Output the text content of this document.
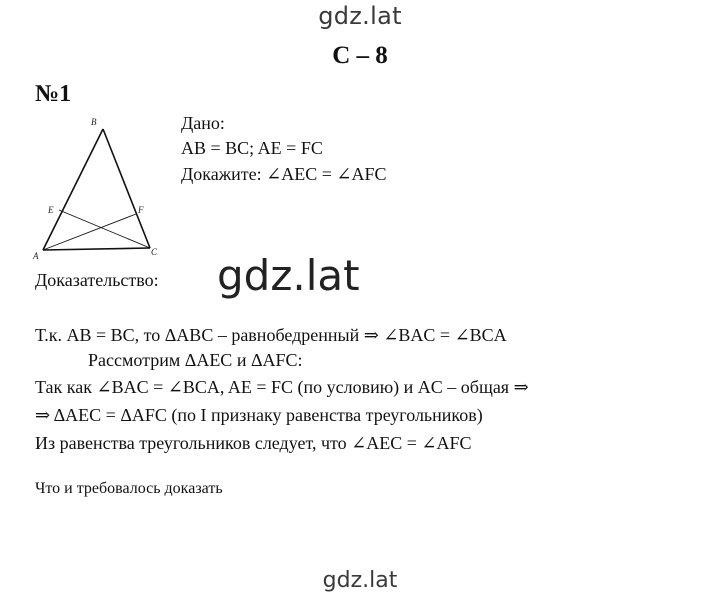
gdz.lat
С – 8
№1
B
E	F
A	C
Дано:
AB = BC; AE = FC
Докажите: ∠AEC = ∠AFC
gdz.lat
Доказательство:
Т.к. AB = BC, то ΔABC – равнобедренный ⇒ ∠BAC = ∠BCA
Рассмотрим ΔAEC и ΔAFC:
Так как ∠BAC = ∠BCA, AE = FC (по условию) и AC – общая ⇒
⇒ ΔAEC = ΔAFC (по I признаку равенства треугольников)
Из равенства треугольников следует, что ∠AEC = ∠AFC
Что и требовалось доказать
gdz.lat
